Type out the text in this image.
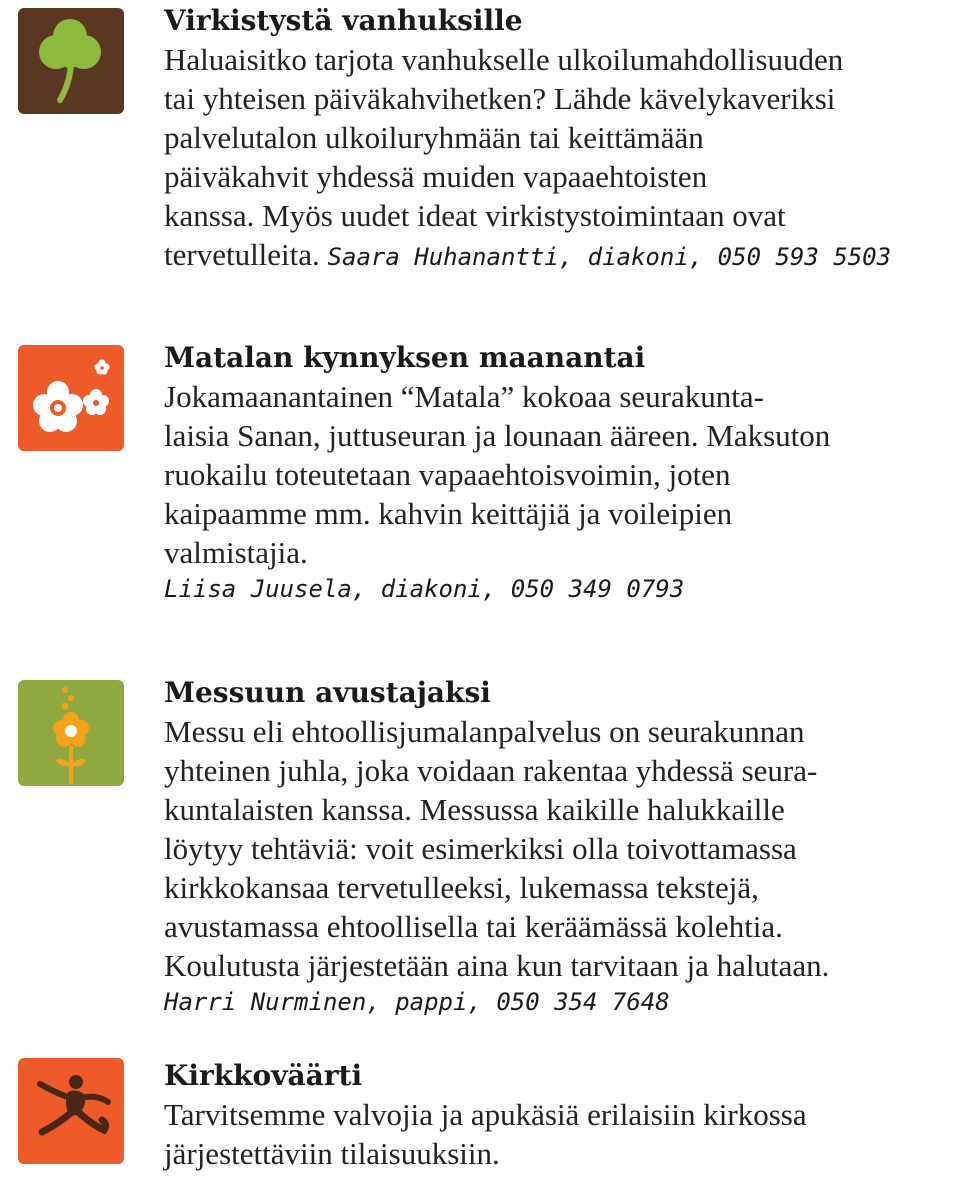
Virkistystä vanhuksille

Haluaisitko tarjota vanhukselle ulkoilumahdollisuuden

tai yhteisen päiväkahvihetken? Lähde kävelykaveriksi

palvelutalon ulkoiluryhmään tai keittämään

päiväkahvit yhdessä muiden vapaaehtoisten

kanssa. Myös uudet ideat virkistystoimintaan ovat

tervetulleita. Saara Huhanantti, diakoni, 050 593 5503

Matalan kynnyksen maanantai

Jokamaanantainen “Matala” kokoaa seurakunta-

laisia Sanan, juttuseuran ja lounaan ääreen. Maksuton

ruokailu toteutetaan vapaaehtoisvoimin, joten

kaipaamme mm. kahvin keittäjiä ja voileipien

valmistajia.

Liisa Juusela, diakoni, 050 349 0793

Messuun avustajaksi

Messu eli ehtoollisjumalanpalvelus on seurakunnan

yhteinen juhla, joka voidaan rakentaa yhdessä seura-

kuntalaisten kanssa. Messussa kaikille halukkaille

löytyy tehtäviä: voit esimerkiksi olla toivottamassa

kirkkokansaa tervetulleeksi, lukemassa tekstejä,

avustamassa ehtoollisella tai keräämässä kolehtia.

Koulutusta järjestetään aina kun tarvitaan ja halutaan.

Harri Nurminen, pappi, 050 354 7648

Kirkkoväärti

Tarvitsemme valvojia ja apukäsiä erilaisiin kirkossa

järjestettäviin tilaisuuksiin.
